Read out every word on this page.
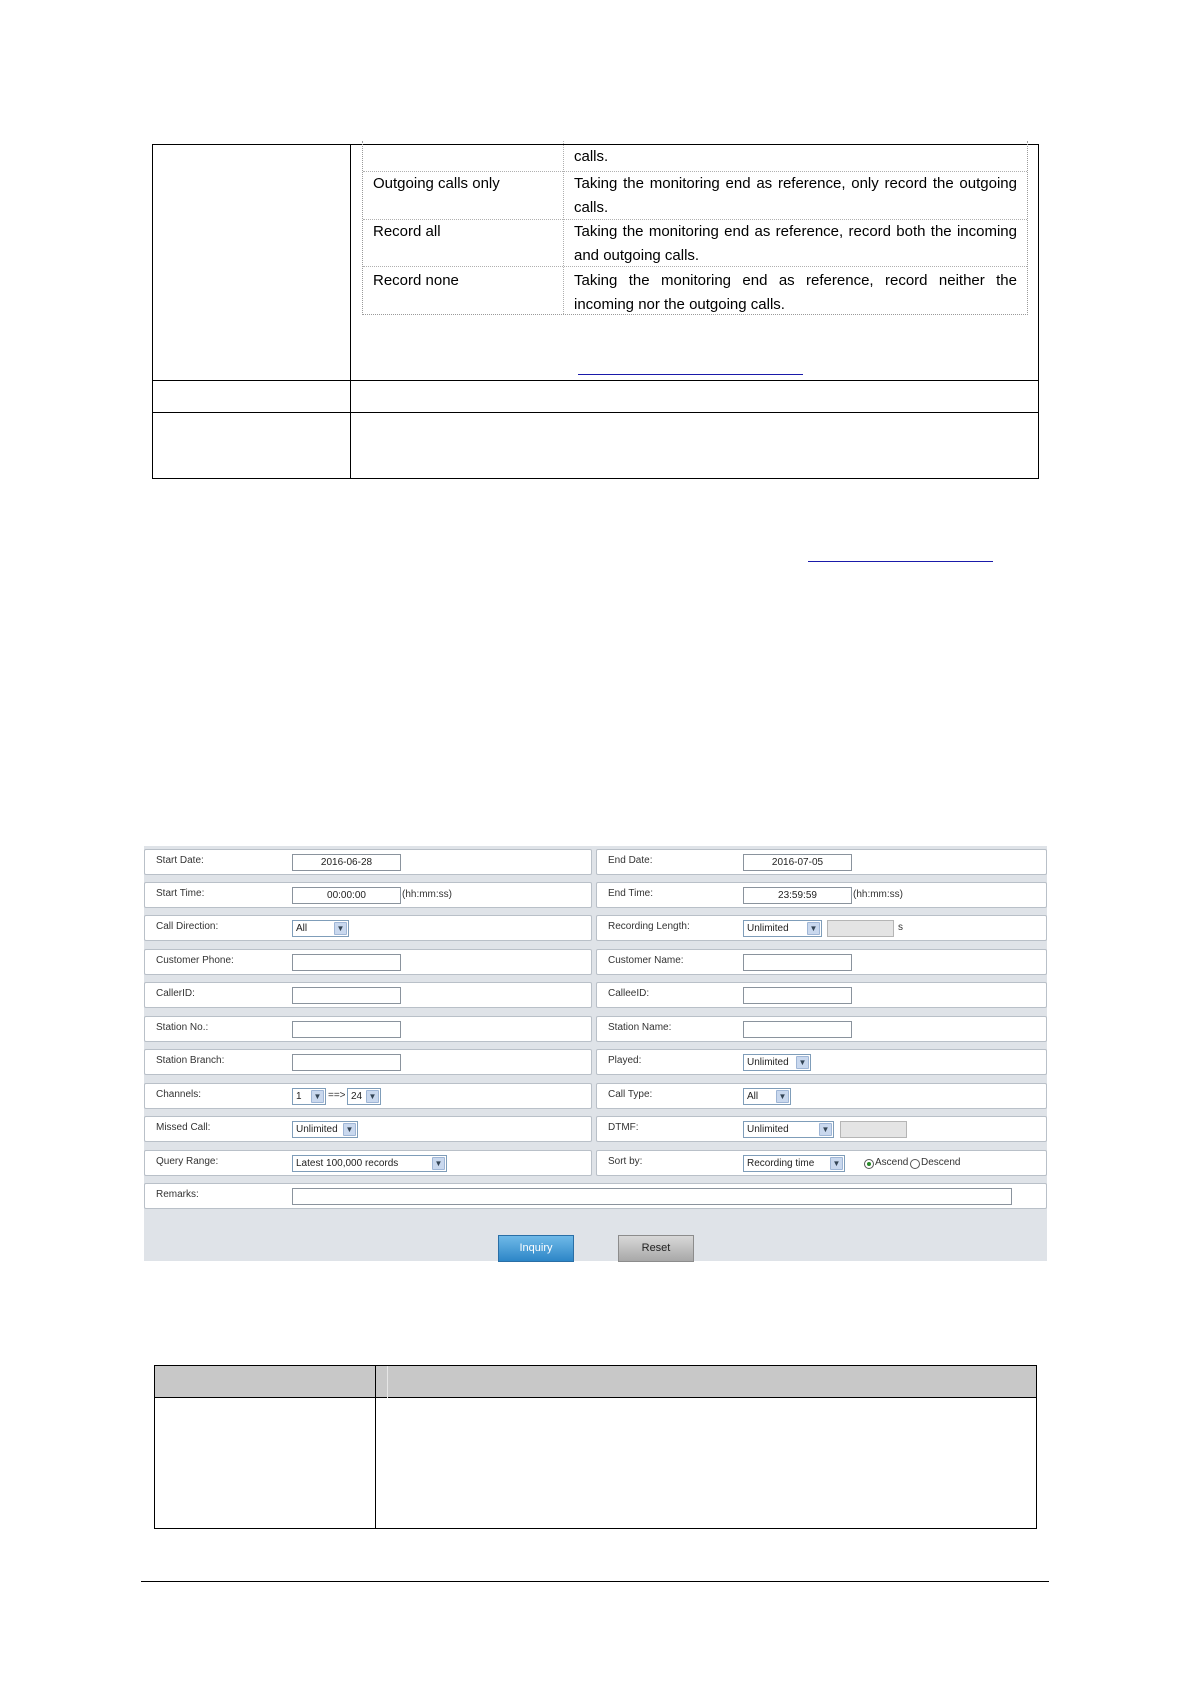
calls.
Outgoing calls only	Taking the monitoring end as reference, only record the outgoing calls.
Record all	Taking the monitoring end as reference, record both the incoming and outgoing calls.
Record none	Taking the monitoring end as reference, record neither the incoming nor the outgoing calls.
Start Date:	2016-06-28	End Date:	2016-07-05
Start Time:	00:00:00	(hh:mm:ss)	End Time:	23:59:59	(hh:mm:ss)
Call Direction:	All	▼	Recording Length:	Unlimited	▼	s
Customer Phone:	Customer Name:
CallerID:	CalleeID:
Station No.:	Station Name:
Station Branch:	Played:	Unlimited	▼
Channels:	1	▼ ==> 24 ▼	Call Type:	All	▼
Missed Call:	Unlimited ▼	DTMF:	Unlimited	▼
Query Range:	Latest 100,000 records	▼	Sort by:	Recording time	▼	Ascend Descend
Remarks:
Inquiry	Reset
